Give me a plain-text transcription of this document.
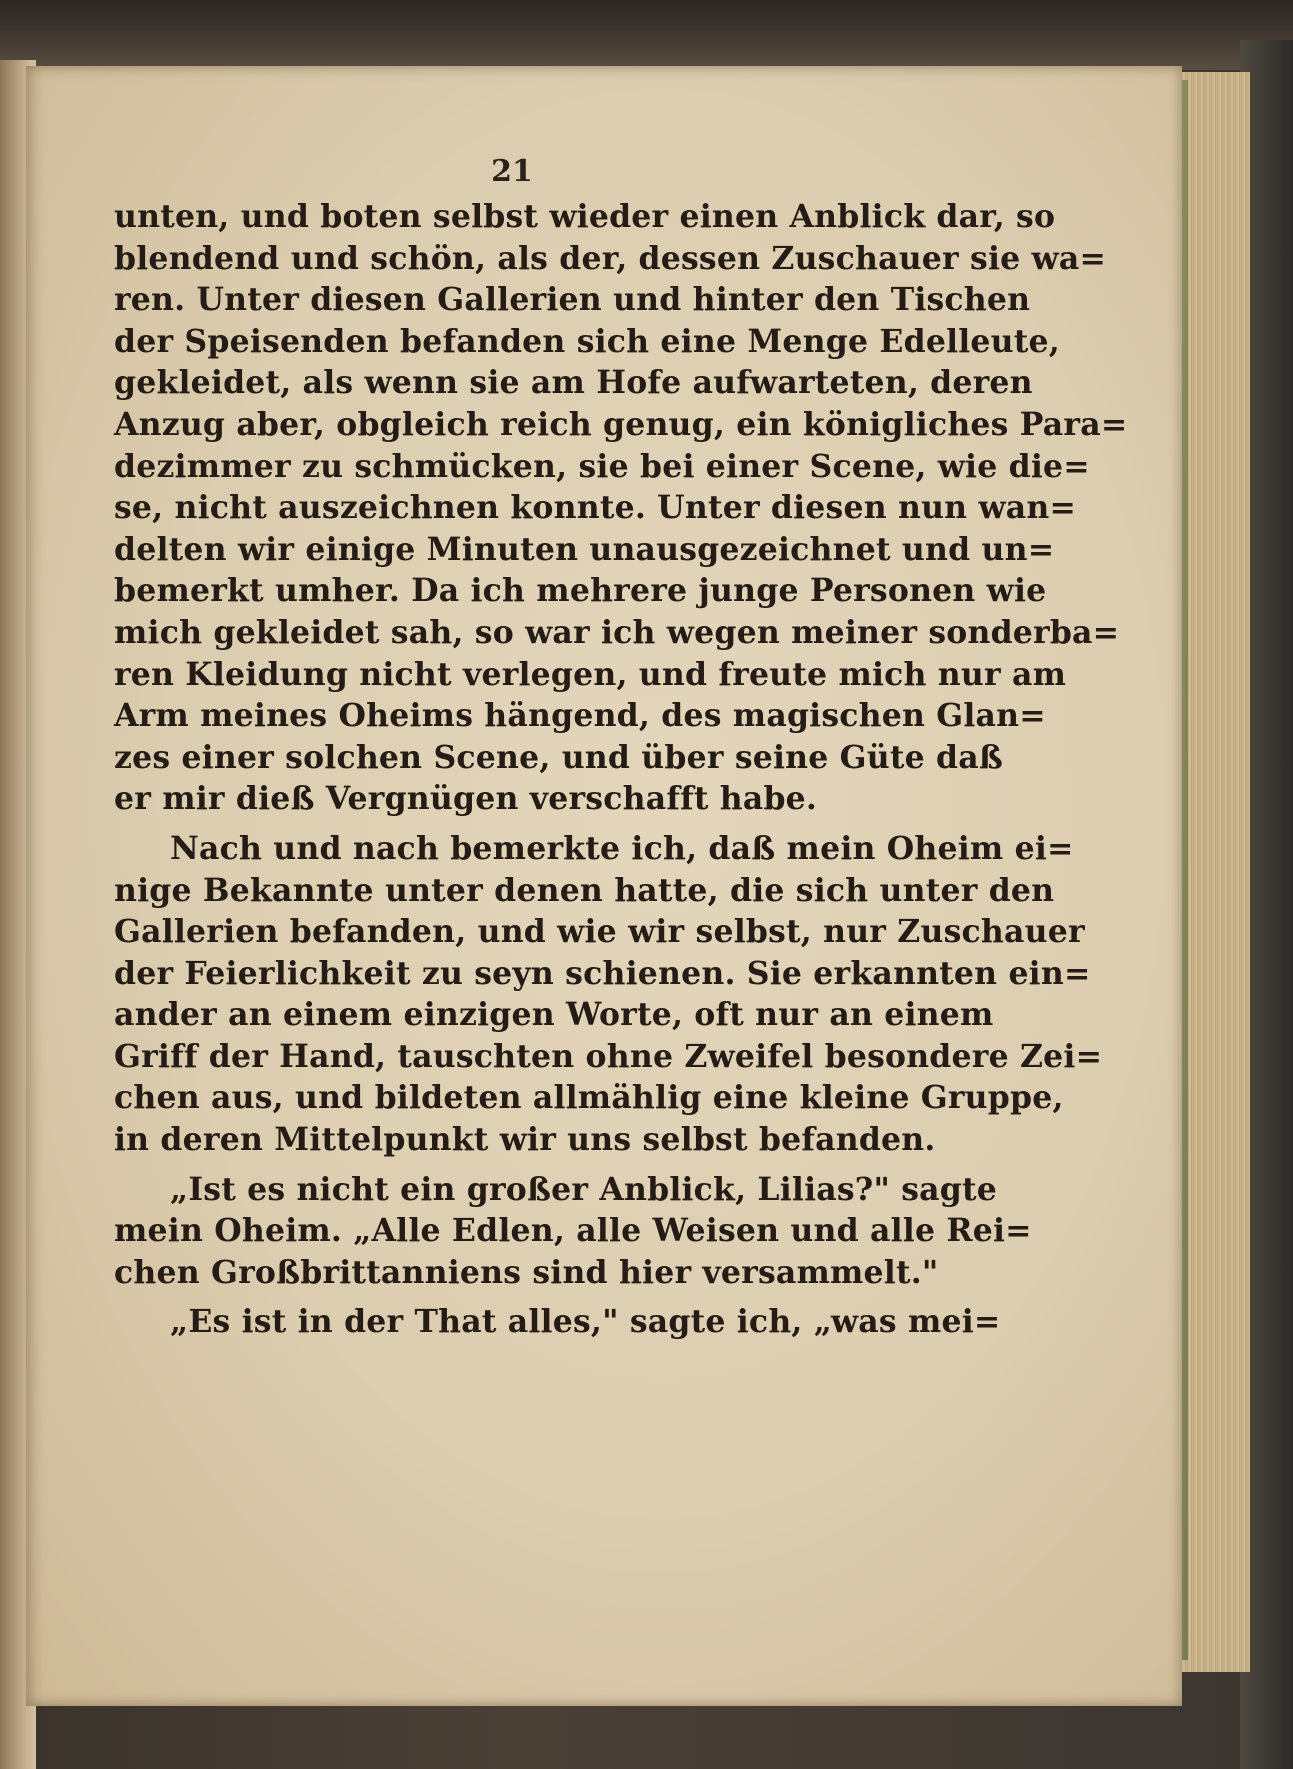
21
unten, und boten selbst wieder einen Anblick dar, so
blendend und schön, als der, dessen Zuschauer sie wa=
ren. Unter diesen Gallerien und hinter den Tischen
der Speisenden befanden sich eine Menge Edelleute,
gekleidet, als wenn sie am Hofe aufwarteten, deren
Anzug aber, obgleich reich genug, ein königliches Para=
dezimmer zu schmücken, sie bei einer Scene, wie die=
se, nicht auszeichnen konnte. Unter diesen nun wan=
delten wir einige Minuten unausgezeichnet und un=
bemerkt umher. Da ich mehrere junge Personen wie
mich gekleidet sah, so war ich wegen meiner sonderba=
ren Kleidung nicht verlegen, und freute mich nur am
Arm meines Oheims hängend, des magischen Glan=
zes einer solchen Scene, und über seine Güte daß
er mir dieß Vergnügen verschafft habe.
Nach und nach bemerkte ich, daß mein Oheim ei=
nige Bekannte unter denen hatte, die sich unter den
Gallerien befanden, und wie wir selbst, nur Zuschauer
der Feierlichkeit zu seyn schienen. Sie erkannten ein=
ander an einem einzigen Worte, oft nur an einem
Griff der Hand, tauschten ohne Zweifel besondere Zei=
chen aus, und bildeten allmählig eine kleine Gruppe,
in deren Mittelpunkt wir uns selbst befanden.
„Ist es nicht ein großer Anblick, Lilias?" sagte
mein Oheim. „Alle Edlen, alle Weisen und alle Rei=
chen Großbrittanniens sind hier versammelt."
„Es ist in der That alles," sagte ich, „was mei=
